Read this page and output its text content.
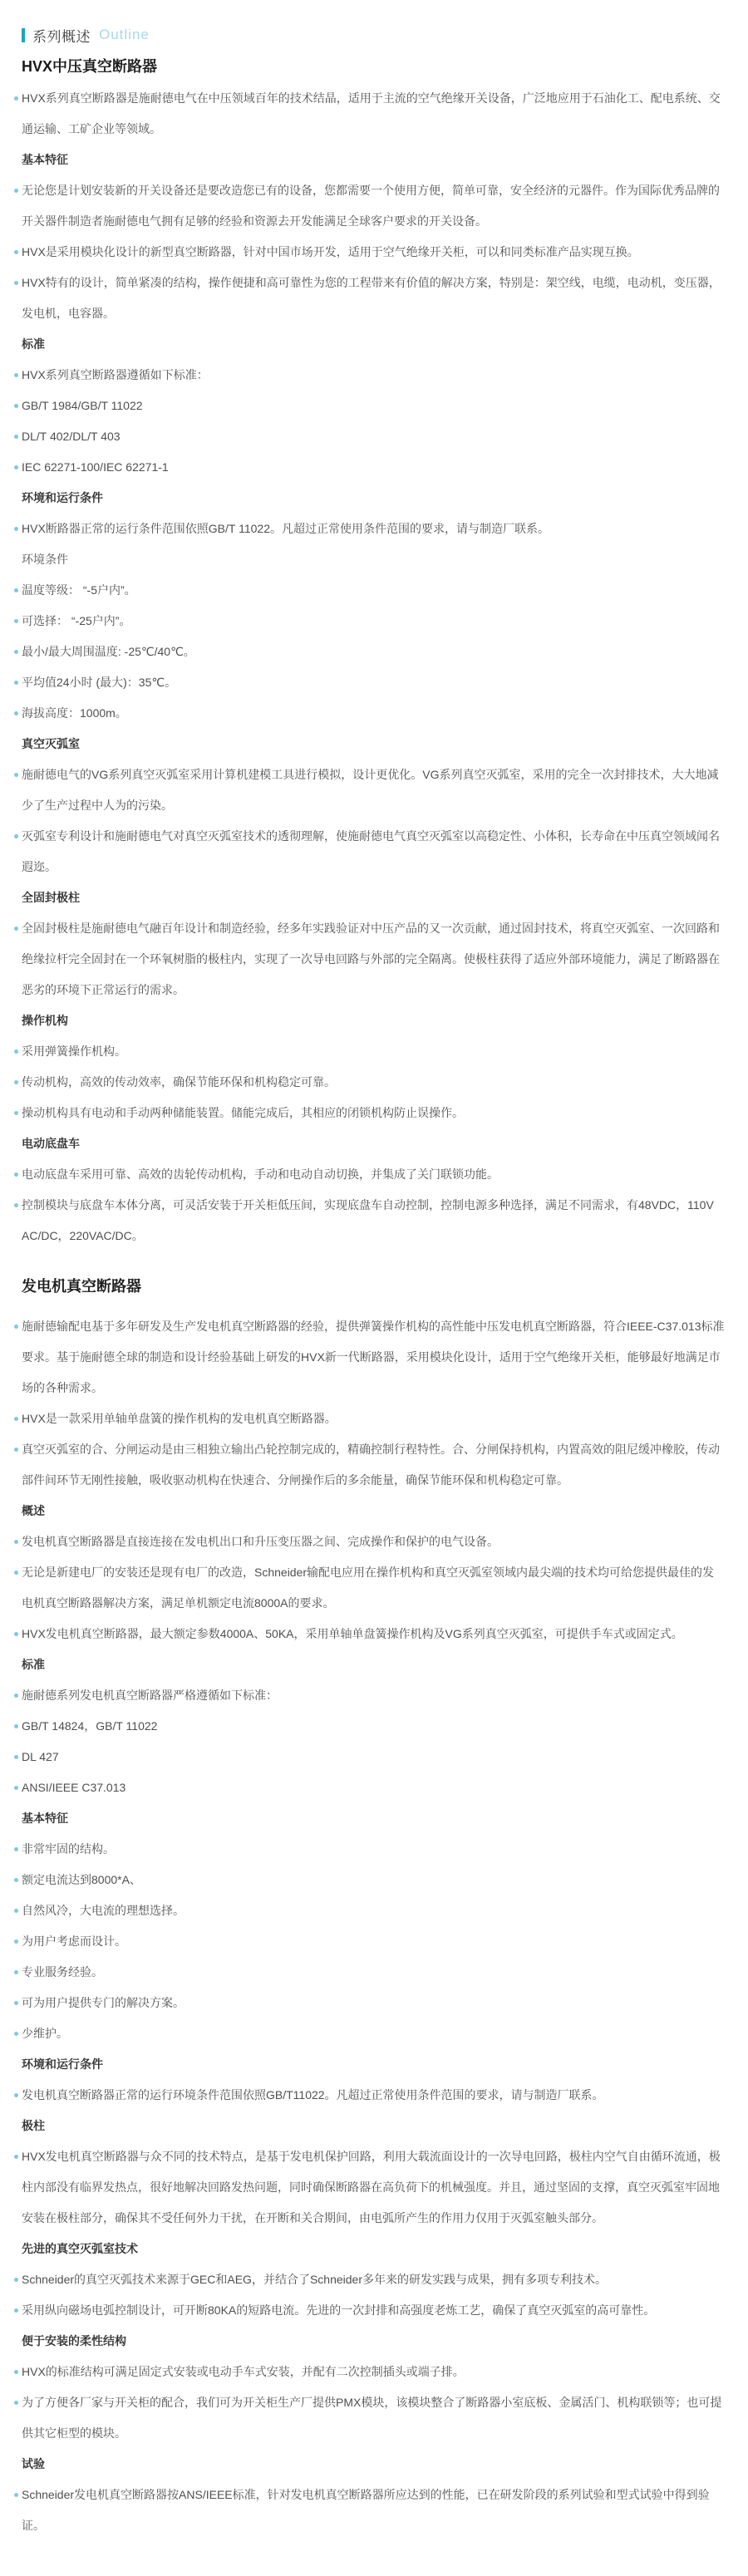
系列概述 Outline
HVX中压真空断路器

HVX系列真空断路器是施耐德电气在中压领域百年的技术结晶，适用于主流的空气绝缘开关设备，广泛地应用于石油化工、配电系统、交通运输、工矿企业等领域。

基本特征

无论您是计划安装新的开关设备还是要改造您已有的设备，您都需要一个使用方便，简单可靠，安全经济的元器件。作为国际优秀品牌的开关器件制造者施耐德电气拥有足够的经验和资源去开发能满足全球客户要求的开关设备。

HVX是采用模块化设计的新型真空断路器，针对中国市场开发，适用于空气绝缘开关柜，可以和同类标准产品实现互换。

HVX特有的设计，简单紧凑的结构，操作便捷和高可靠性为您的工程带来有价值的解决方案，特别是：架空线，电缆，电动机，变压器，发电机，电容器。

标准

HVX系列真空断路器遵循如下标准：

GB/T 1984/GB/T 11022

DL/T 402/DL/T 403

IEC 62271-100/IEC 62271-1

环境和运行条件

HVX断路器正常的运行条件范围依照GB/T 11022。凡超过正常使用条件范围的要求，请与制造厂联系。

环境条件

温度等级： “-5户内”。

可选择： “-25户内”。

最小/最大周围温度: -25℃/40℃。

平均值24小时 (最大)：35℃。

海拔高度：1000m。

真空灭弧室

施耐德电气的VG系列真空灭弧室采用计算机建模工具进行模拟，设计更优化。VG系列真空灭弧室，采用的完全一次封排技术，大大地减少了生产过程中人为的污染。

灭弧室专利设计和施耐德电气对真空灭弧室技术的透彻理解，使施耐德电气真空灭弧室以高稳定性、小体积，长寿命在中压真空领域闻名遐迩。

全固封极柱

全固封极柱是施耐德电气融百年设计和制造经验，经多年实践验证对中压产品的又一次贡献，通过固封技术，将真空灭弧室、一次回路和绝缘拉杆完全固封在一个环氧树脂的极柱内，实现了一次导电回路与外部的完全隔离。使极柱获得了适应外部环境能力，满足了断路器在恶劣的环境下正常运行的需求。

操作机构

采用弹簧操作机构。

传动机构，高效的传动效率，确保节能环保和机构稳定可靠。

操动机构具有电动和手动两种储能装置。储能完成后，其相应的闭锁机构防止误操作。

电动底盘车

电动底盘车采用可靠、高效的齿轮传动机构，手动和电动自动切换，并集成了关门联锁功能。

控制模块与底盘车本体分离，可灵活安装于开关柜低压间，实现底盘车自动控制，控制电源多种选择，满足不同需求，有48VDC，110V AC/DC，220VAC/DC。

发电机真空断路器

施耐德输配电基于多年研发及生产发电机真空断路器的经验，提供弹簧操作机构的高性能中压发电机真空断路器，符合IEEE-C37.013标准要求。基于施耐德全球的制造和设计经验基础上研发的HVX新一代断路器，采用模块化设计，适用于空气绝缘开关柜，能够最好地满足市场的各种需求。

HVX是一款采用单轴单盘簧的操作机构的发电机真空断路器。

真空灭弧室的合、分闸运动是由三相独立输出凸轮控制完成的，精确控制行程特性。合、分闸保持机构，内置高效的阻尼缓冲橡胶，传动部件间环节无刚性接触，吸收驱动机构在快速合、分闸操作后的多余能量，确保节能环保和机构稳定可靠。

概述

发电机真空断路器是直接连接在发电机出口和升压变压器之间、完成操作和保护的电气设备。

无论是新建电厂的安装还是现有电厂的改造，Schneider输配电应用在操作机构和真空灭弧室领域内最尖端的技术均可给您提供最佳的发电机真空断路器解决方案，满足单机额定电流8000A的要求。

HVX发电机真空断路器，最大额定参数4000A、50KA，采用单轴单盘簧操作机构及VG系列真空灭弧室，可提供手车式或固定式。

标准

施耐德系列发电机真空断路器严格遵循如下标准：

GB/T 14824，GB/T 11022

DL 427

ANSI/IEEE C37.013

基本特征

非常牢固的结构。

额定电流达到8000*A、

自然风冷，大电流的理想选择。

为用户考虑而设计。

专业服务经验。

可为用户提供专门的解决方案。

少维护。

环境和运行条件

发电机真空断路器正常的运行环境条件范围依照GB/T11022。凡超过正常使用条件范围的要求，请与制造厂联系。

极柱

HVX发电机真空断路器与众不同的技术特点，是基于发电机保护回路，利用大载流面设计的一次导电回路，极柱内空气自由循环流通，极柱内部没有临界发热点，很好地解决回路发热问题，同时确保断路器在高负荷下的机械强度。并且，通过坚固的支撑，真空灭弧室牢固地安装在极柱部分，确保其不受任何外力干扰，在开断和关合期间，由电弧所产生的作用力仅用于灭弧室触头部分。

先进的真空灭弧室技术

Schneider的真空灭弧技术来源于GEC和AEG，并结合了Schneider多年来的研发实践与成果，拥有多项专利技术。

采用纵向磁场电弧控制设计，可开断80KA的短路电流。先进的一次封排和高强度老炼工艺，确保了真空灭弧室的高可靠性。

便于安装的柔性结构

HVX的标准结构可满足固定式安装或电动手车式安装，并配有二次控制插头或端子排。

为了方便各厂家与开关柜的配合，我们可为开关柜生产厂提供PMX模块，该模块整合了断路器小室底板、金属活门、机构联锁等；也可提供其它柜型的模块。

试验

Schneider发电机真空断路器按ANS/IEEE标准，针对发电机真空断路器所应达到的性能，已在研发阶段的系列试验和型式试验中得到验证。
